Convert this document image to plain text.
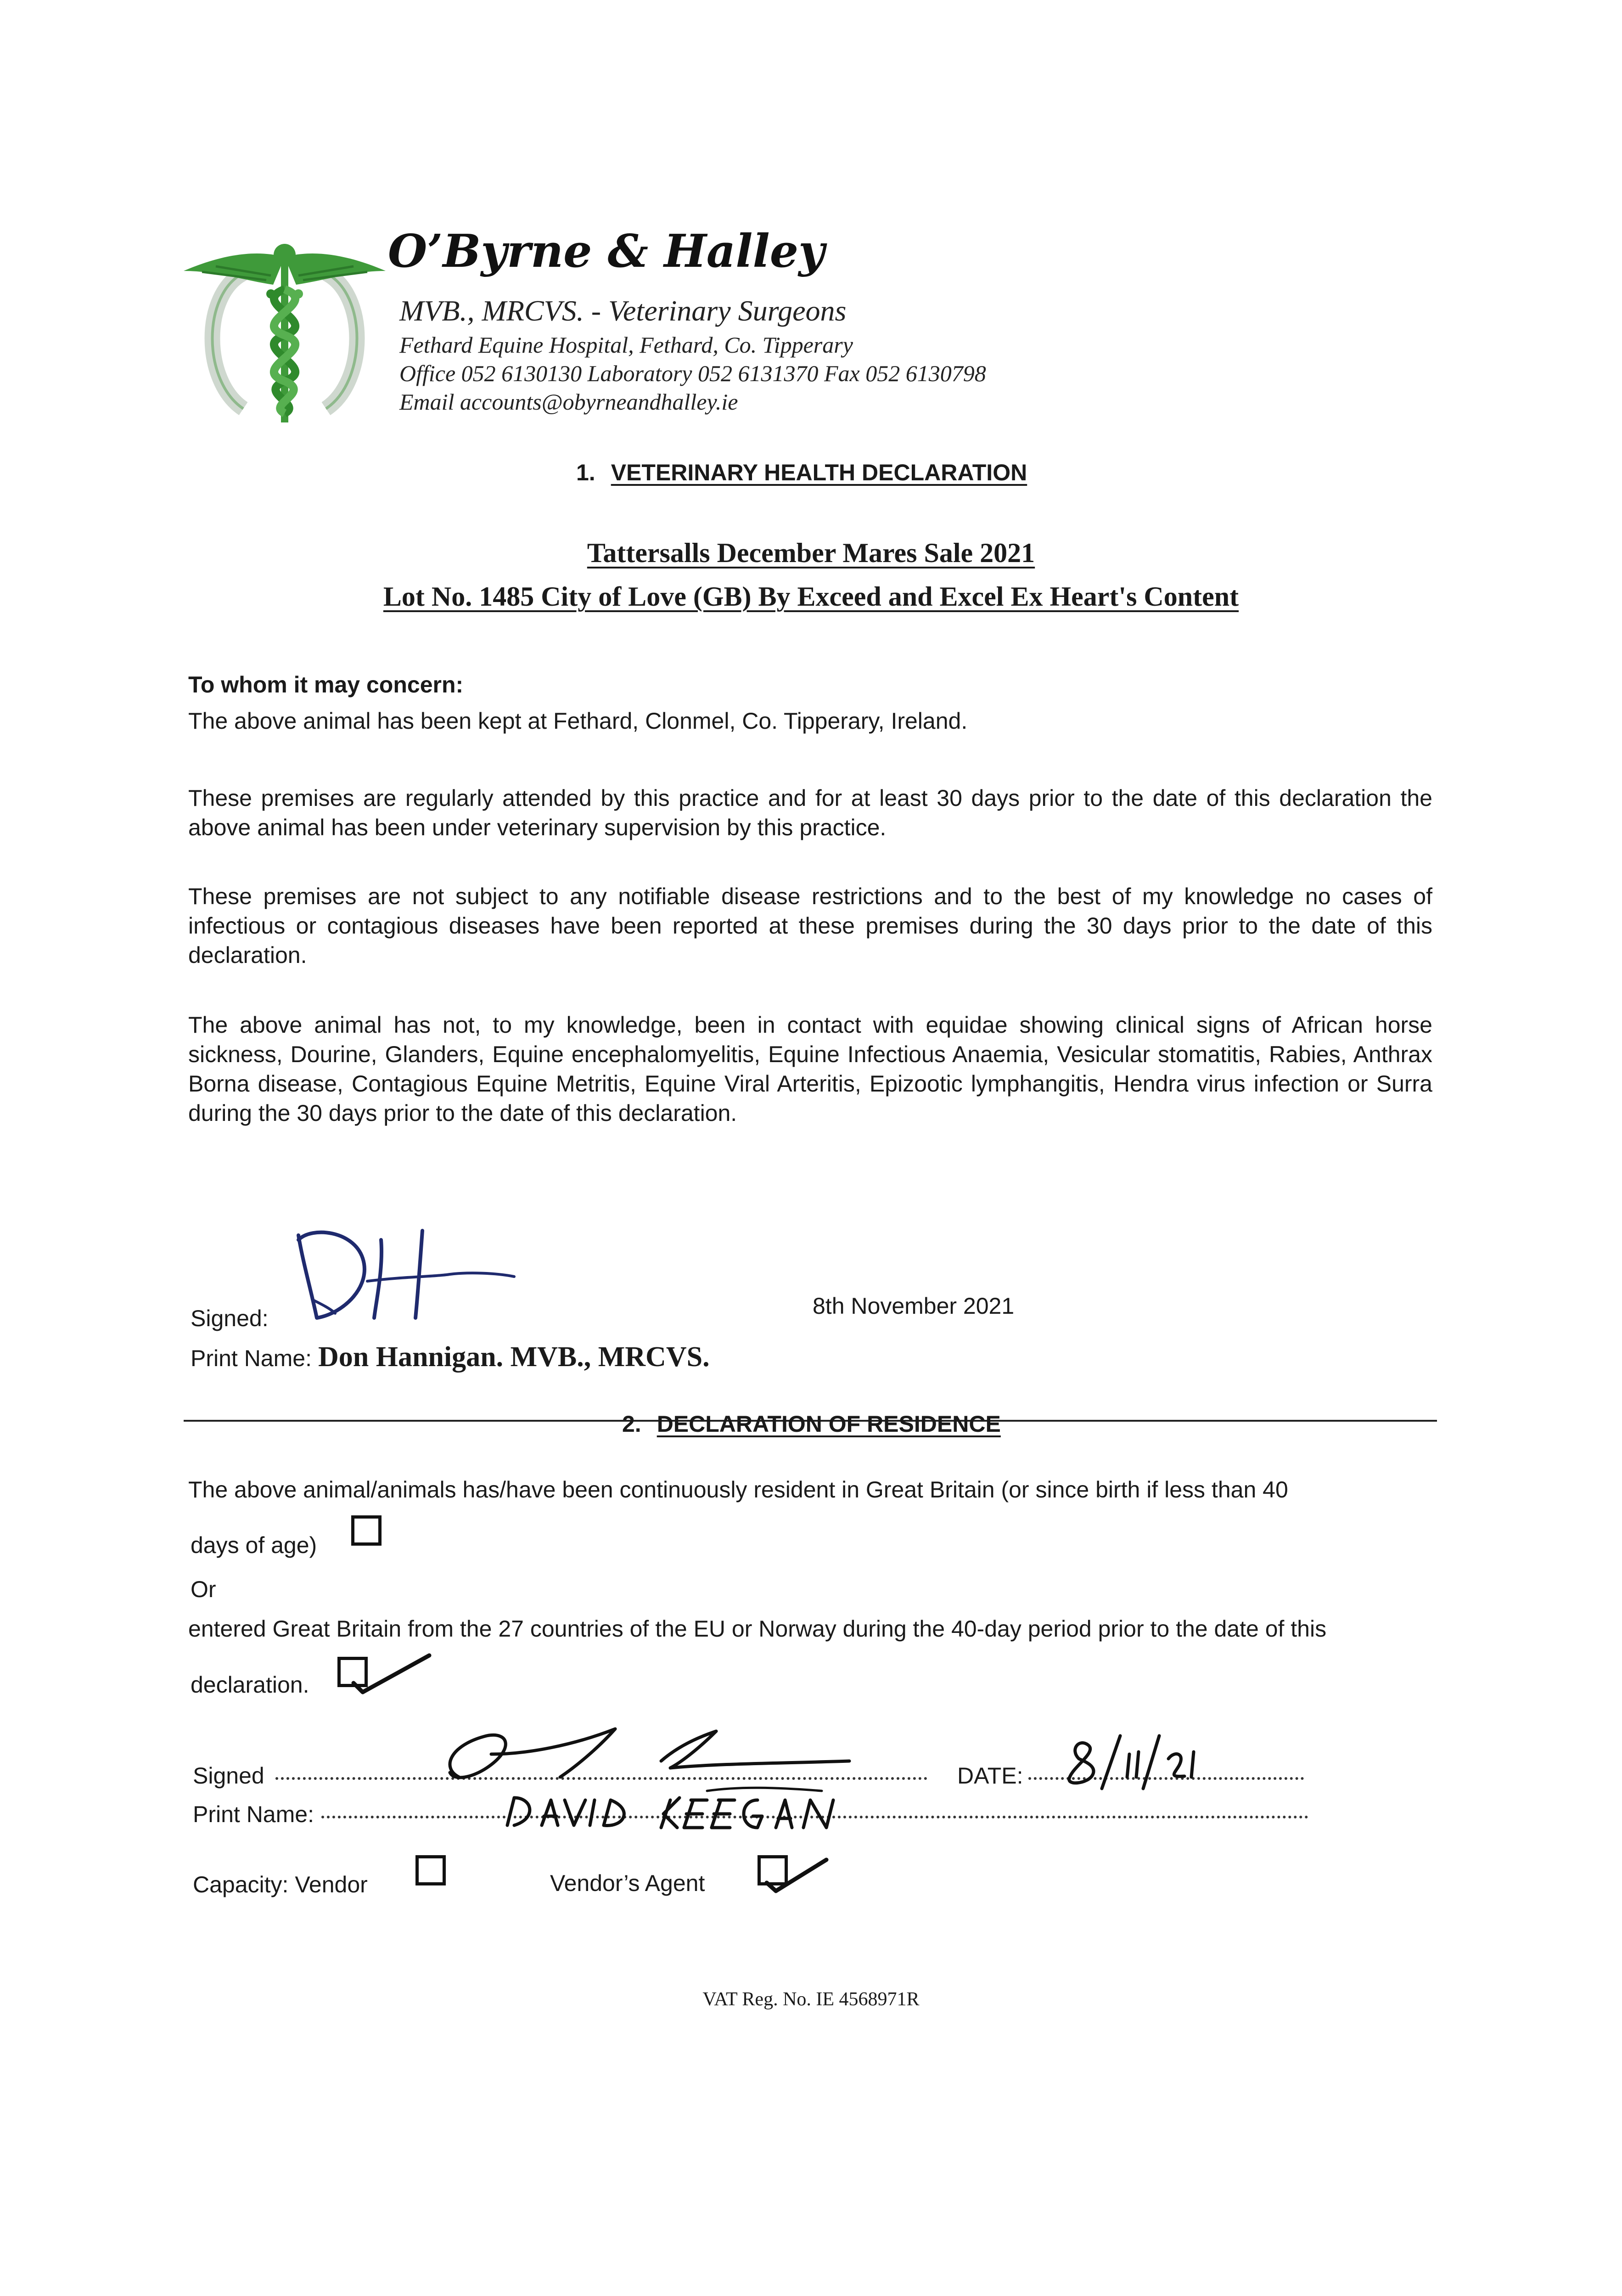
O’Byrne & Halley
MVB., MRCVS. - Veterinary Surgeons
Fethard Equine Hospital, Fethard, Co. Tipperary
Office 052 6130130 Laboratory 052 6131370 Fax 052 6130798
Email accounts@obyrneandhalley.ie
1. VETERINARY HEALTH DECLARATION
Tattersalls December Mares Sale 2021
Lot No. 1485 City of Love (GB) By Exceed and Excel Ex Heart's Content
To whom it may concern:
The above animal has been kept at Fethard, Clonmel, Co. Tipperary, Ireland.
These premises are regularly attended by this practice and for at least 30 days prior to the date of this declaration the above animal has been under veterinary supervision by this practice.
These premises are not subject to any notifiable disease restrictions and to the best of my knowledge no cases of infectious or contagious diseases have been reported at these premises during the 30 days prior to the date of this declaration.
The above animal has not, to my knowledge, been in contact with equidae showing clinical signs of African horse sickness, Dourine, Glanders, Equine encephalomyelitis, Equine Infectious Anaemia, Vesicular stomatitis, Rabies, Anthrax Borna disease, Contagious Equine Metritis, Equine Viral Arteritis, Epizootic lymphangitis, Hendra virus infection or Surra during the 30 days prior to the date of this declaration.
Signed:	8th November 2021
Print Name: Don Hannigan. MVB., MRCVS.
2. DECLARATION OF RESIDENCE
The above animal/animals has/have been continuously resident in Great Britain (or since birth if less than 40
days of age)
Or
entered Great Britain from the 27 countries of the EU or Norway during the 40-day period prior to the date of this
declaration.
Signed	DATE:
Print Name:
Capacity: Vendor	Vendor’s Agent
VAT Reg. No. IE 4568971R
